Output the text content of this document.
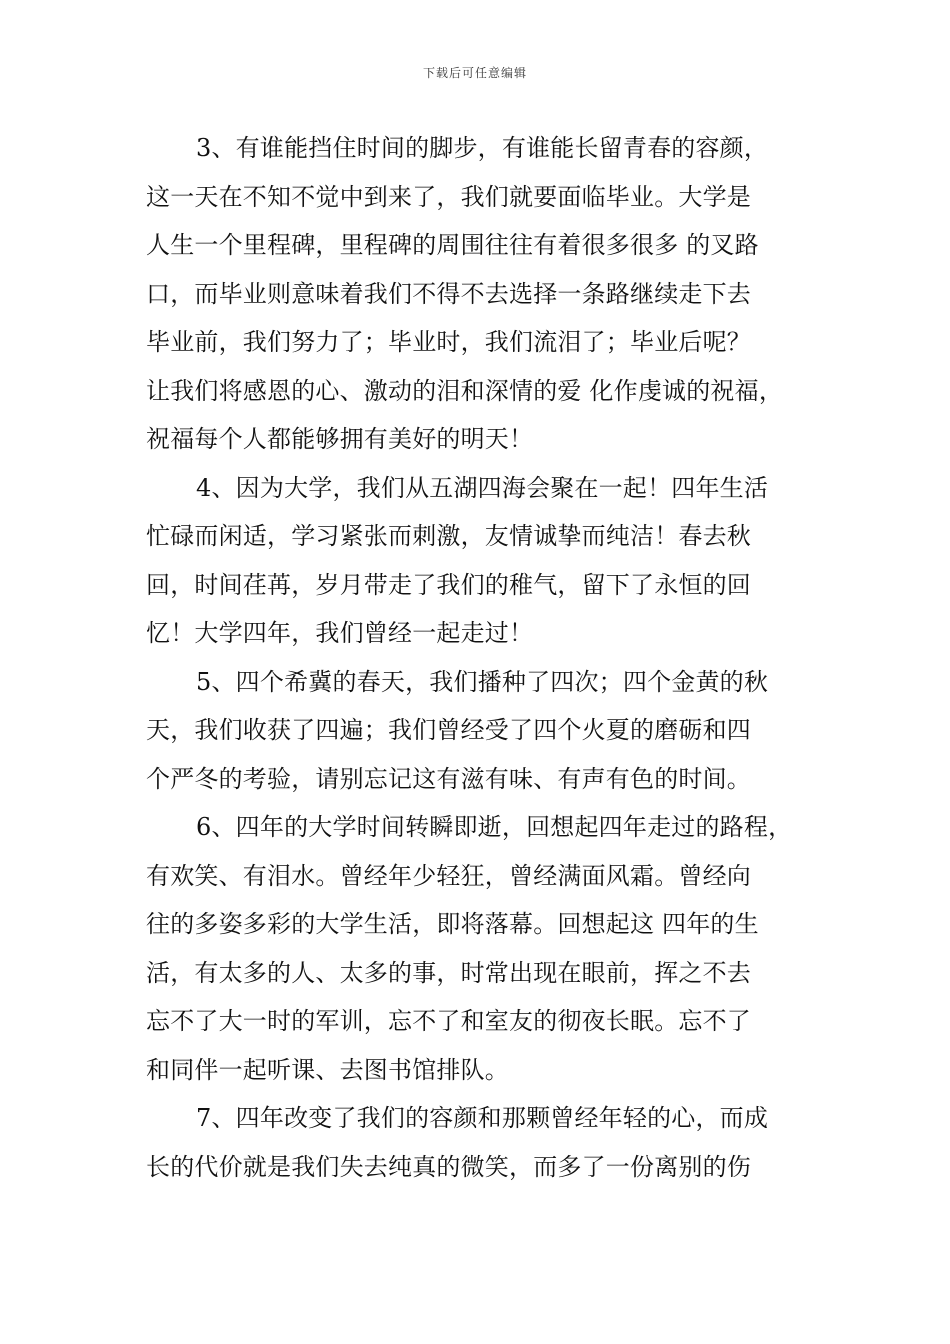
下载后可任意编辑

3、有谁能挡住时间的脚步，有谁能长留青春的容颜，
这一天在不知不觉中到来了，我们就要面临毕业。大学是
人生一个里程碑，里程碑的周围往往有着很多很多 的叉路
口，而毕业则意味着我们不得不去选择一条路继续走下去
毕业前，我们努力了；毕业时，我们流泪了；毕业后呢？
让我们将感恩的心、激动的泪和深情的爱 化作虔诚的祝福，
祝福每个人都能够拥有美好的明天！

4、因为大学，我们从五湖四海会聚在一起！四年生活
忙碌而闲适，学习紧张而刺激，友情诚挚而纯洁！春去秋
回，时间荏苒，岁月带走了我们的稚气，留下了永恒的回
忆！大学四年，我们曾经一起走过！

5、四个希冀的春天，我们播种了四次；四个金黄的秋
天，我们收获了四遍；我们曾经受了四个火夏的磨砺和四
个严冬的考验，请别忘记这有滋有味、有声有色的时间。

6、四年的大学时间转瞬即逝，回想起四年走过的路程，
有欢笑、有泪水。曾经年少轻狂，曾经满面风霜。曾经向
往的多姿多彩的大学生活，即将落幕。回想起这 四年的生
活，有太多的人、太多的事，时常出现在眼前，挥之不去
忘不了大一时的军训，忘不了和室友的彻夜长眠。忘不了
和同伴一起听课、去图书馆排队。

7、四年改变了我们的容颜和那颗曾经年轻的心，而成
长的代价就是我们失去纯真的微笑，而多了一份离别的伤
